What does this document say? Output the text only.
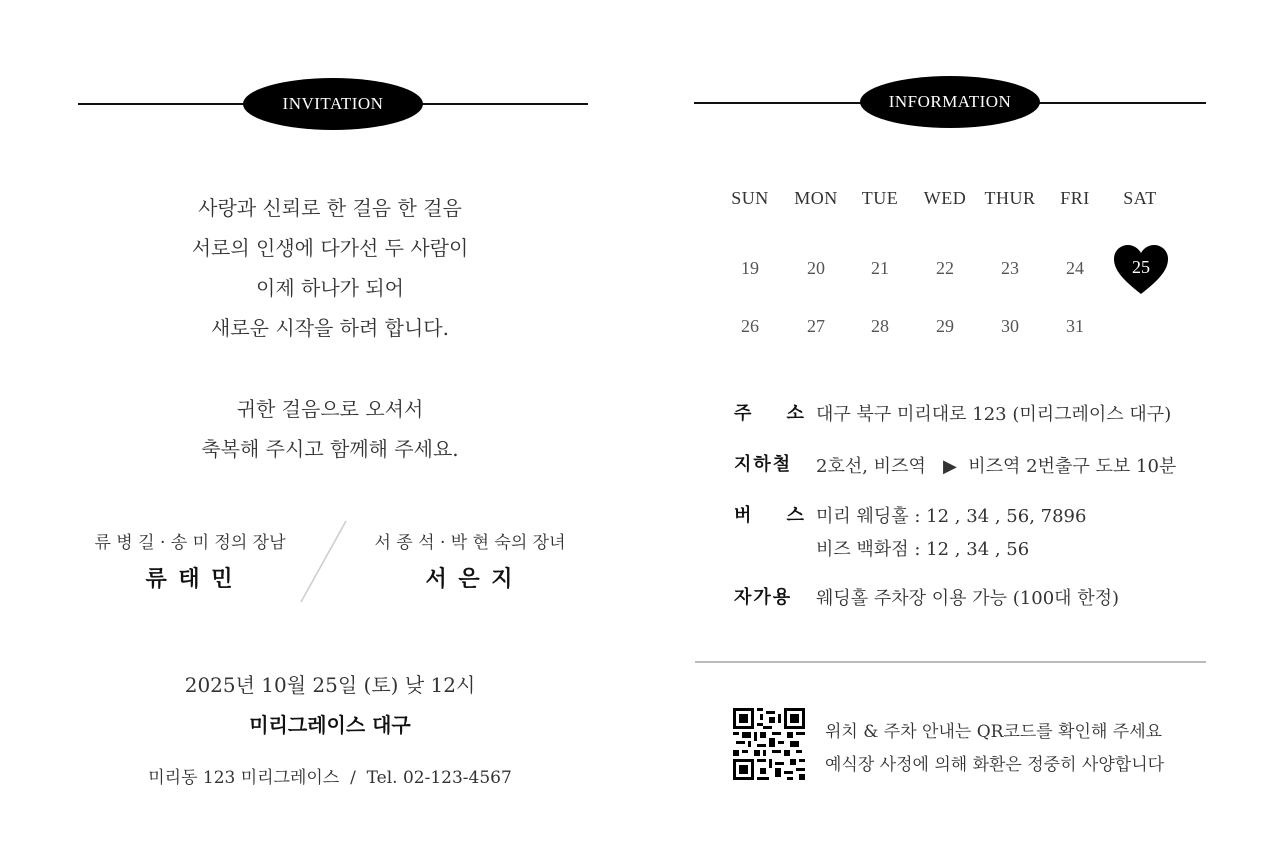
INVITATION
사랑과 신뢰로 한 걸음 한 걸음
서로의 인생에 다가선 두 사람이
이제 하나가 되어
새로운 시작을 하려 합니다.
귀한 걸음으로 오셔서
축복해 주시고 함께해 주세요.
류 병 길 · 송 미 정의 장남
류 태 민
서 종 석 · 박 현 숙의 장녀
서 은 지
2025년 10월 25일 (토) 낮 12시
미리그레이스 대구
미리동 123 미리그레이스  /  Tel. 02-123-4567
INFORMATION
SUN	MON	TUE	WED	THUR	FRI	SAT
19	20	21	22	23	24	25
26	27	28	29	30	31
주    소 대구 북구 미리대로 123 (미리그레이스 대구)
지하철 2호선, 비즈역   ▶  비즈역 2번출구 도보 10분
버    스 미리 웨딩홀 : 12 , 34 , 56, 7896
비즈 백화점 : 12 , 34 , 56
자가용 웨딩홀 주차장 이용 가능 (100대 한정)
위치 & 주차 안내는 QR코드를 확인해 주세요
예식장 사정에 의해 화환은 정중히 사양합니다
